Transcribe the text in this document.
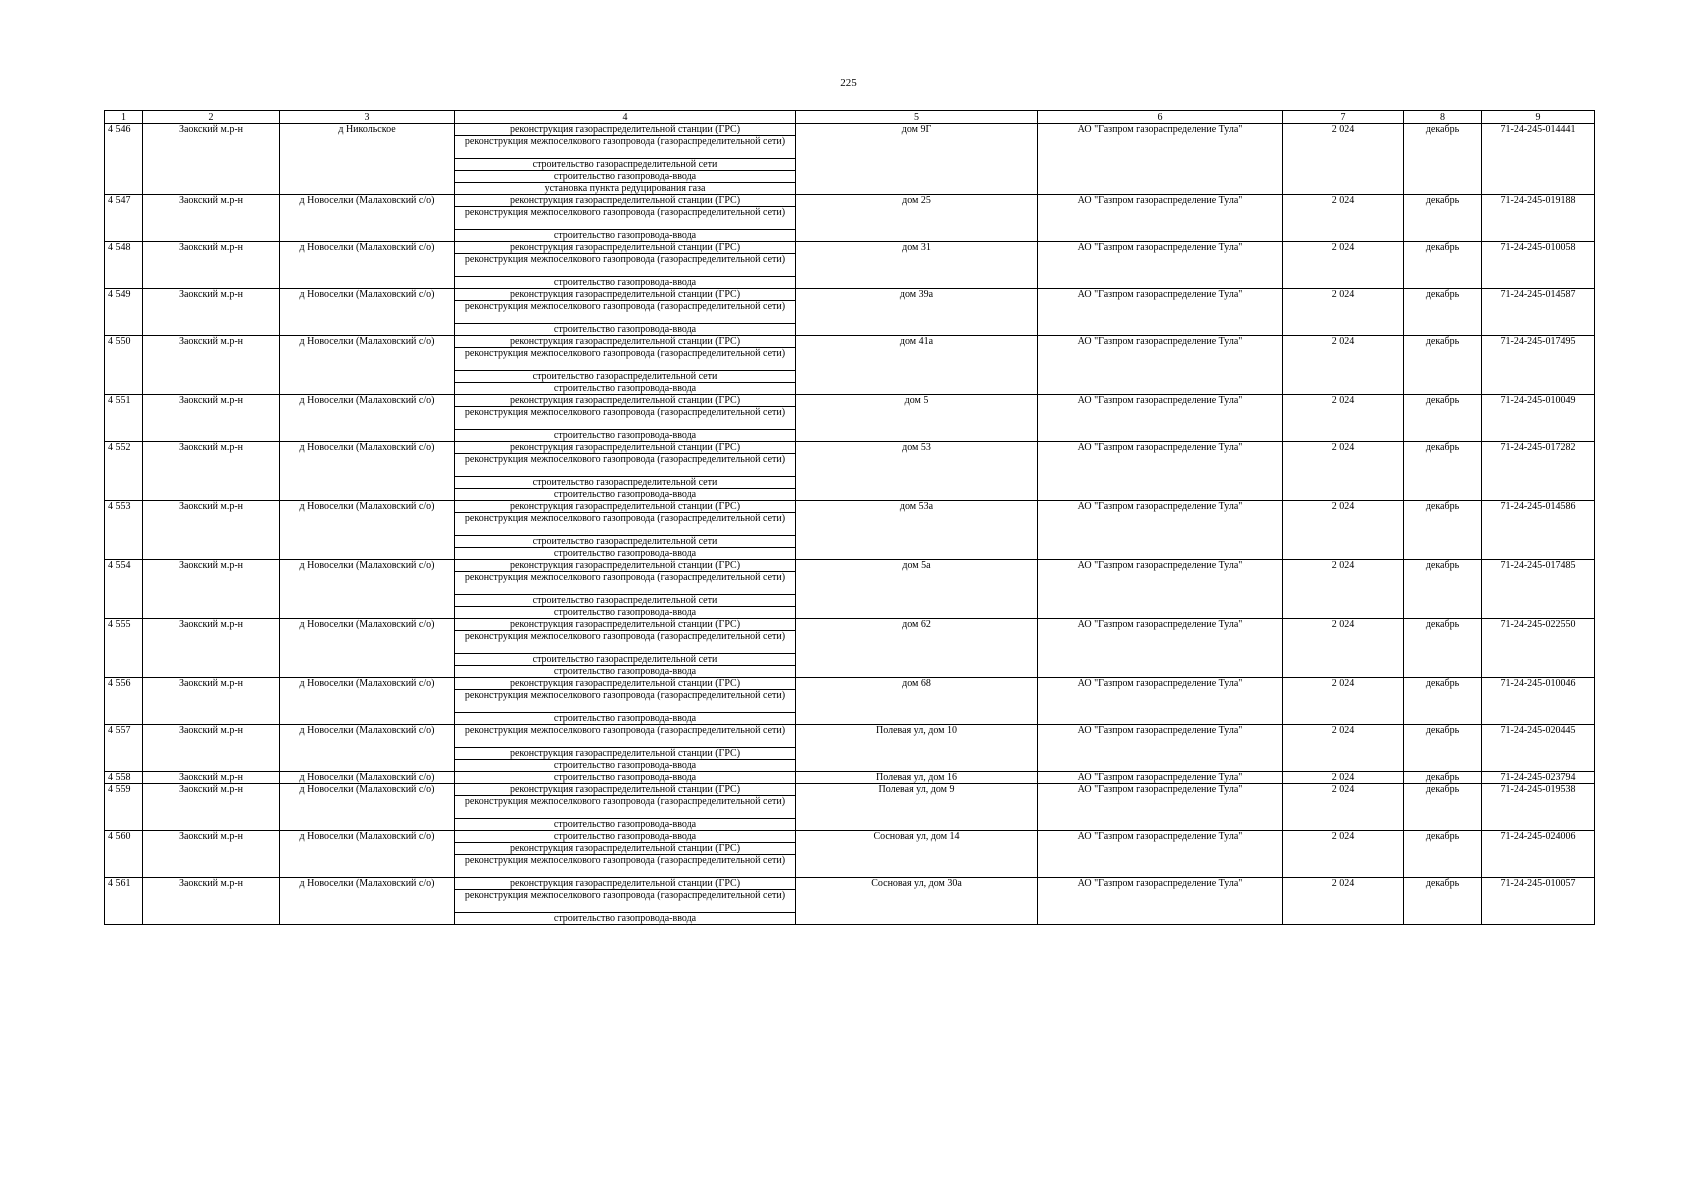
225
1	2	3	4	5	6	7	8	9
4 546	Заокский м.р-н	д Никольское	реконструкция газораспределительной станции (ГРС)	дом 9Г	АО "Газпром газораспределение Тула"	2 024	декабрь	71-24-245-014441
			реконструкция межпоселкового газопровода (газораспределительной сети)					
			строительство газораспределительной сети					
			строительство газопровода-ввода					
			установка пункта редуцирования газа					
4 547	Заокский м.р-н	д Новоселки (Малаховский с/о)	реконструкция газораспределительной станции (ГРС)	дом 25	АО "Газпром газораспределение Тула"	2 024	декабрь	71-24-245-019188
			реконструкция межпоселкового газопровода (газораспределительной сети)					
			строительство газопровода-ввода					
4 548	Заокский м.р-н	д Новоселки (Малаховский с/о)	реконструкция газораспределительной станции (ГРС)	дом 31	АО "Газпром газораспределение Тула"	2 024	декабрь	71-24-245-010058
			реконструкция межпоселкового газопровода (газораспределительной сети)					
			строительство газопровода-ввода					
4 549	Заокский м.р-н	д Новоселки (Малаховский с/о)	реконструкция газораспределительной станции (ГРС)	дом 39а	АО "Газпром газораспределение Тула"	2 024	декабрь	71-24-245-014587
			реконструкция межпоселкового газопровода (газораспределительной сети)					
			строительство газопровода-ввода					
4 550	Заокский м.р-н	д Новоселки (Малаховский с/о)	реконструкция газораспределительной станции (ГРС)	дом 41а	АО "Газпром газораспределение Тула"	2 024	декабрь	71-24-245-017495
			реконструкция межпоселкового газопровода (газораспределительной сети)					
			строительство газораспределительной сети					
			строительство газопровода-ввода					
4 551	Заокский м.р-н	д Новоселки (Малаховский с/о)	реконструкция газораспределительной станции (ГРС)	дом 5	АО "Газпром газораспределение Тула"	2 024	декабрь	71-24-245-010049
			реконструкция межпоселкового газопровода (газораспределительной сети)					
			строительство газопровода-ввода					
4 552	Заокский м.р-н	д Новоселки (Малаховский с/о)	реконструкция газораспределительной станции (ГРС)	дом 53	АО "Газпром газораспределение Тула"	2 024	декабрь	71-24-245-017282
			реконструкция межпоселкового газопровода (газораспределительной сети)					
			строительство газораспределительной сети					
			строительство газопровода-ввода					
4 553	Заокский м.р-н	д Новоселки (Малаховский с/о)	реконструкция газораспределительной станции (ГРС)	дом 53а	АО "Газпром газораспределение Тула"	2 024	декабрь	71-24-245-014586
			реконструкция межпоселкового газопровода (газораспределительной сети)					
			строительство газораспределительной сети					
			строительство газопровода-ввода					
4 554	Заокский м.р-н	д Новоселки (Малаховский с/о)	реконструкция газораспределительной станции (ГРС)	дом 5а	АО "Газпром газораспределение Тула"	2 024	декабрь	71-24-245-017485
			реконструкция межпоселкового газопровода (газораспределительной сети)					
			строительство газораспределительной сети					
			строительство газопровода-ввода					
4 555	Заокский м.р-н	д Новоселки (Малаховский с/о)	реконструкция газораспределительной станции (ГРС)	дом 62	АО "Газпром газораспределение Тула"	2 024	декабрь	71-24-245-022550
			реконструкция межпоселкового газопровода (газораспределительной сети)					
			строительство газораспределительной сети					
			строительство газопровода-ввода					
4 556	Заокский м.р-н	д Новоселки (Малаховский с/о)	реконструкция газораспределительной станции (ГРС)	дом 68	АО "Газпром газораспределение Тула"	2 024	декабрь	71-24-245-010046
			реконструкция межпоселкового газопровода (газораспределительной сети)					
			строительство газопровода-ввода					
4 557	Заокский м.р-н	д Новоселки (Малаховский с/о)	реконструкция межпоселкового газопровода (газораспределительной сети)	Полевая ул, дом 10	АО "Газпром газораспределение Тула"	2 024	декабрь	71-24-245-020445
			реконструкция газораспределительной станции (ГРС)					
			строительство газопровода-ввода					
4 558	Заокский м.р-н	д Новоселки (Малаховский с/о)	строительство газопровода-ввода	Полевая ул, дом 16	АО "Газпром газораспределение Тула"	2 024	декабрь	71-24-245-023794
4 559	Заокский м.р-н	д Новоселки (Малаховский с/о)	реконструкция газораспределительной станции (ГРС)	Полевая ул, дом 9	АО "Газпром газораспределение Тула"	2 024	декабрь	71-24-245-019538
			реконструкция межпоселкового газопровода (газораспределительной сети)					
			строительство газопровода-ввода					
4 560	Заокский м.р-н	д Новоселки (Малаховский с/о)	строительство газопровода-ввода	Сосновая ул, дом 14	АО "Газпром газораспределение Тула"	2 024	декабрь	71-24-245-024006
			реконструкция газораспределительной станции (ГРС)					
			реконструкция межпоселкового газопровода (газораспределительной сети)					
4 561	Заокский м.р-н	д Новоселки (Малаховский с/о)	реконструкция газораспределительной станции (ГРС)	Сосновая ул, дом 30а	АО "Газпром газораспределение Тула"	2 024	декабрь	71-24-245-010057
			реконструкция межпоселкового газопровода (газораспределительной сети)					
			строительство газопровода-ввода					
